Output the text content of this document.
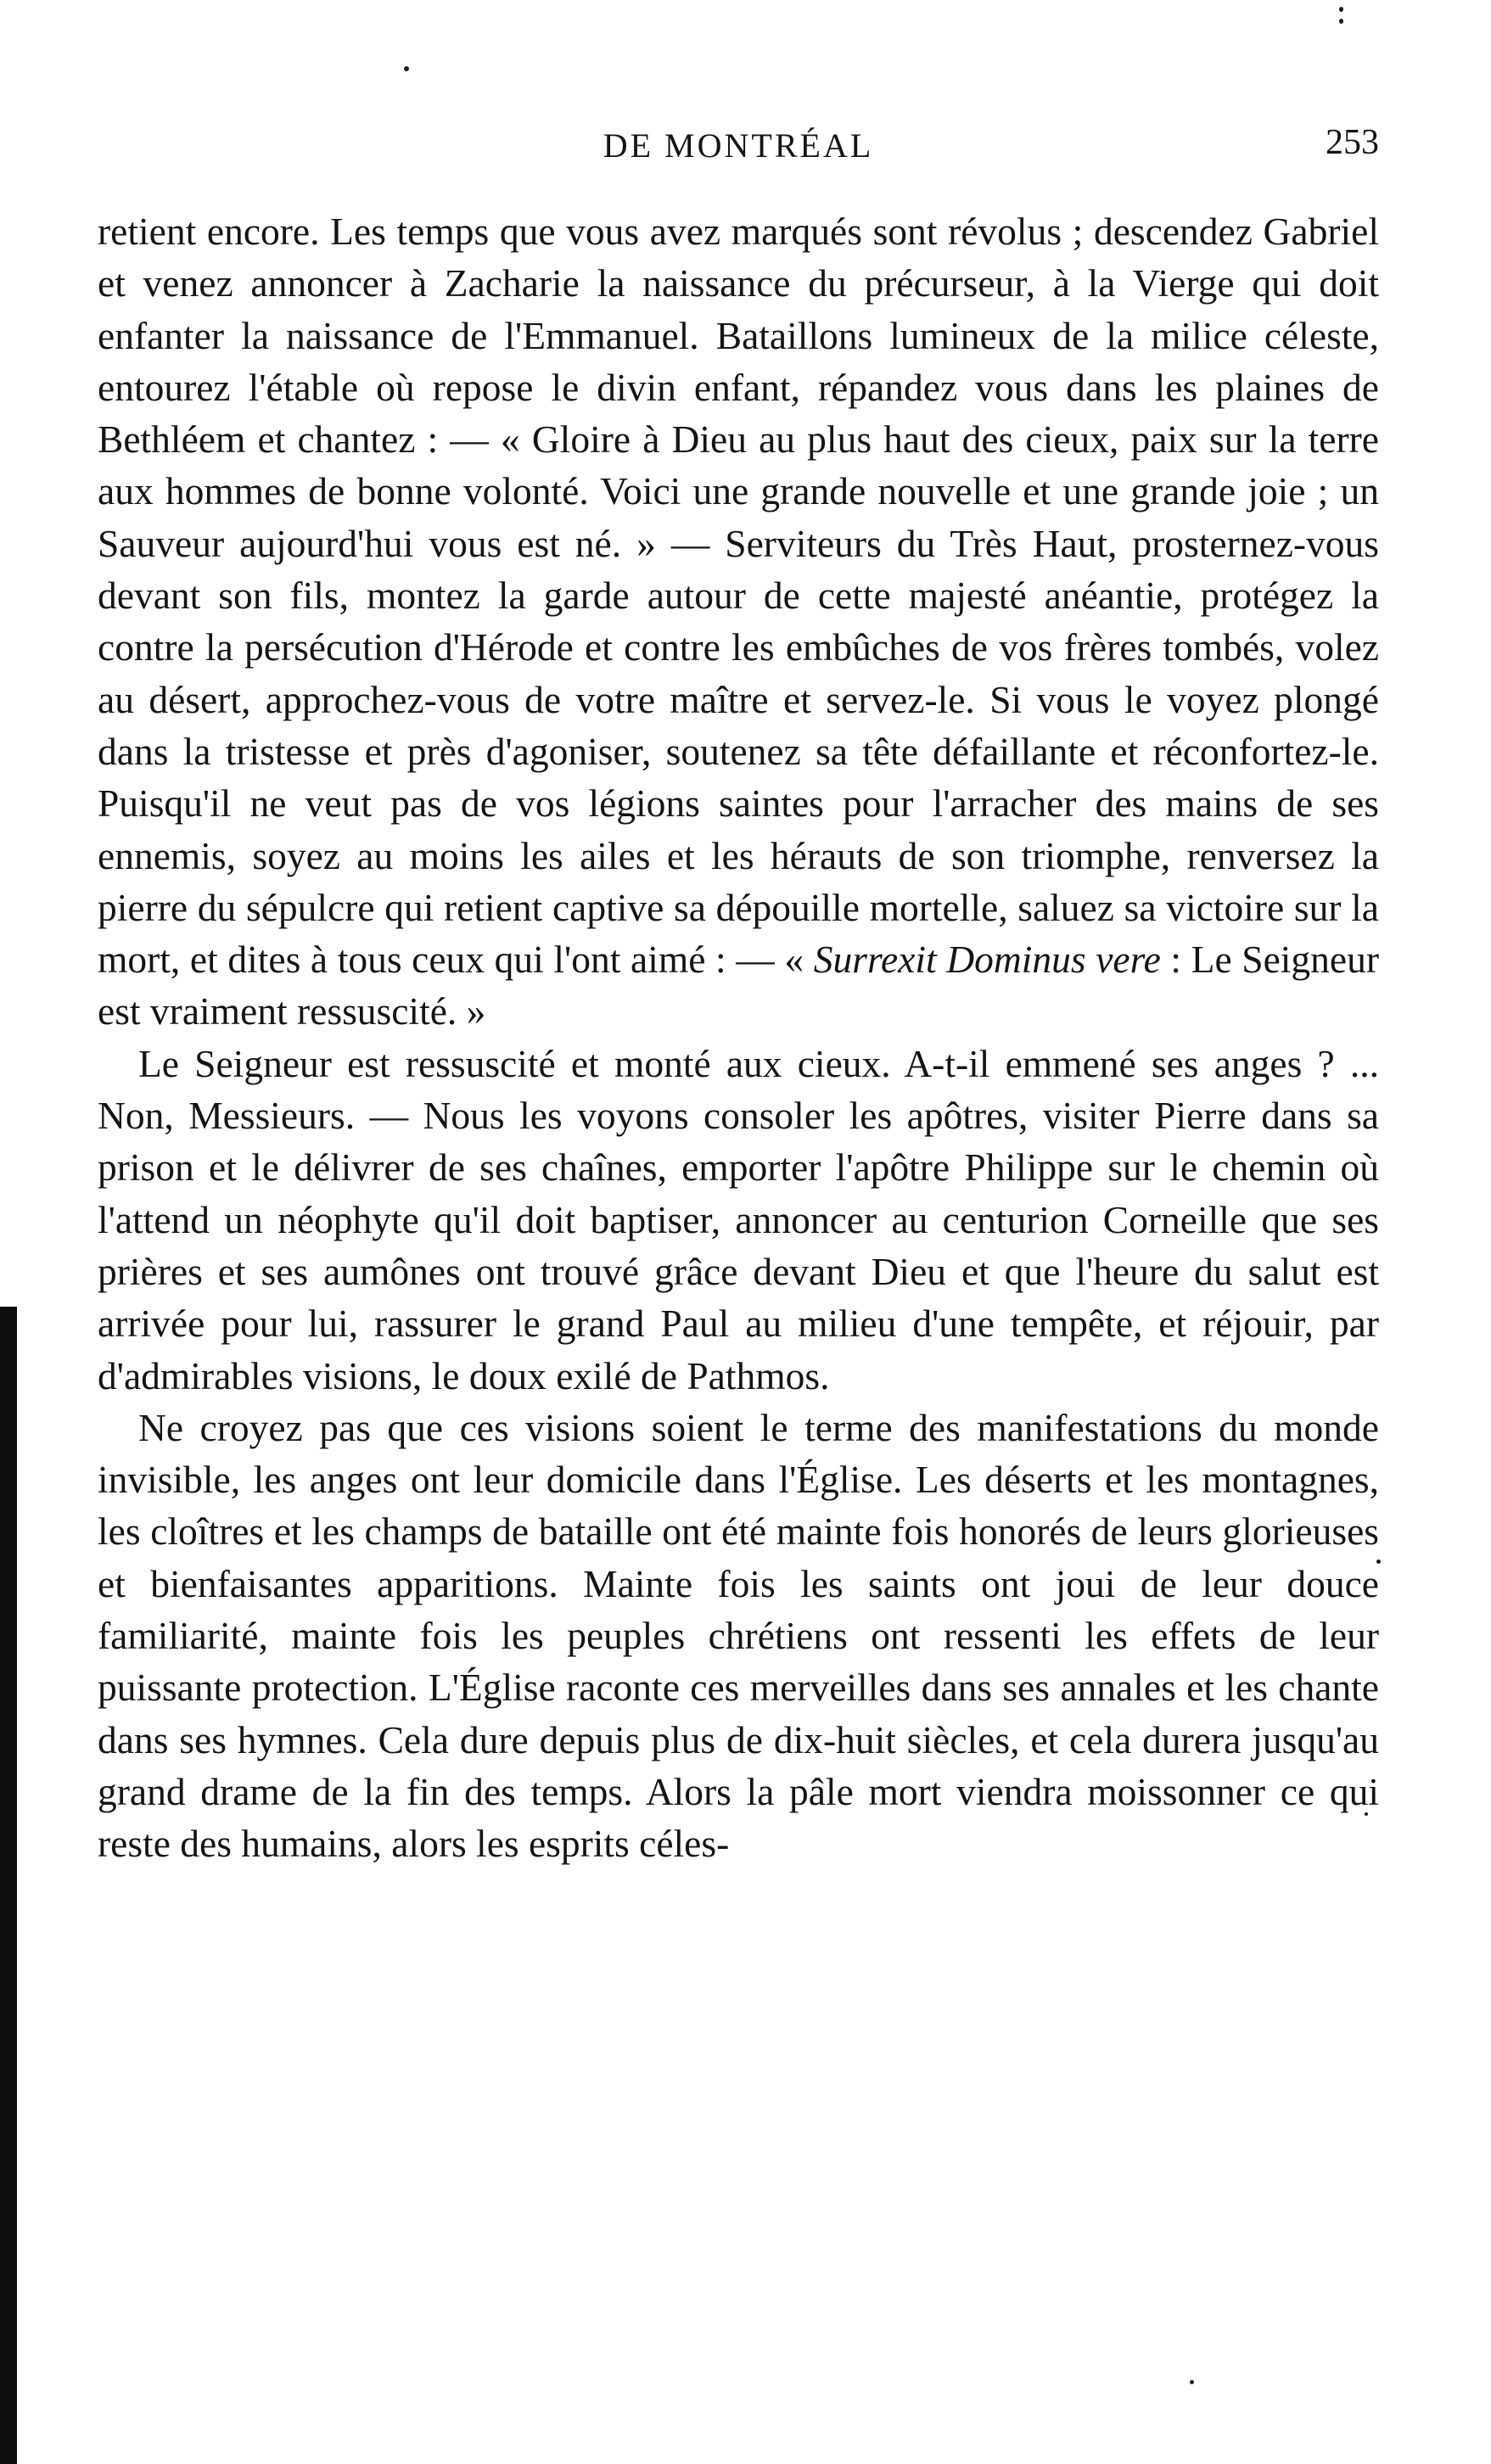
DE MONTRÉAL	253

retient encore. Les temps que vous avez marqués sont révolus ; descendez Gabriel et venez annoncer à Zacharie la naissance du précurseur, à la Vierge qui doit enfanter la naissance de l'Emmanuel. Bataillons lumineux de la milice céleste, entourez l'étable où repose le divin enfant, répandez vous dans les plaines de Bethléem et chantez : — « Gloire à Dieu au plus haut des cieux, paix sur la terre aux hommes de bonne volonté. Voici une grande nouvelle et une grande joie ; un Sauveur aujourd'hui vous est né. » — Serviteurs du Très Haut, prosternez-vous devant son fils, montez la garde autour de cette majesté anéantie, protégez la contre la persécution d'Hérode et contre les embûches de vos frères tombés, volez au désert, approchez-vous de votre maître et servez-le. Si vous le voyez plongé dans la tristesse et près d'agoniser, soutenez sa tête défaillante et réconfortez-le. Puisqu'il ne veut pas de vos légions saintes pour l'arracher des mains de ses ennemis, soyez au moins les ailes et les hérauts de son triomphe, renversez la pierre du sépulcre qui retient captive sa dépouille mortelle, saluez sa victoire sur la mort, et dites à tous ceux qui l'ont aimé : — « Surrexit Dominus vere : Le Seigneur est vraiment ressuscité. »

Le Seigneur est ressuscité et monté aux cieux. A-t-il emmené ses anges ? ... Non, Messieurs. — Nous les voyons consoler les apôtres, visiter Pierre dans sa prison et le délivrer de ses chaînes, emporter l'apôtre Philippe sur le chemin où l'attend un néophyte qu'il doit baptiser, annoncer au centurion Corneille que ses prières et ses aumônes ont trouvé grâce devant Dieu et que l'heure du salut est arrivée pour lui, rassurer le grand Paul au milieu d'une tempête, et réjouir, par d'admirables visions, le doux exilé de Pathmos.

Ne croyez pas que ces visions soient le terme des manifestations du monde invisible, les anges ont leur domicile dans l'Église. Les déserts et les montagnes, les cloîtres et les champs de bataille ont été mainte fois honorés de leurs glorieuses et bienfaisantes apparitions. Mainte fois les saints ont joui de leur douce familiarité, mainte fois les peuples chrétiens ont ressenti les effets de leur puissante protection. L'Église raconte ces merveilles dans ses annales et les chante dans ses hymnes. Cela dure depuis plus de dix-huit siècles, et cela durera jusqu'au grand drame de la fin des temps. Alors la pâle mort viendra moissonner ce qui reste des humains, alors les esprits céles-
